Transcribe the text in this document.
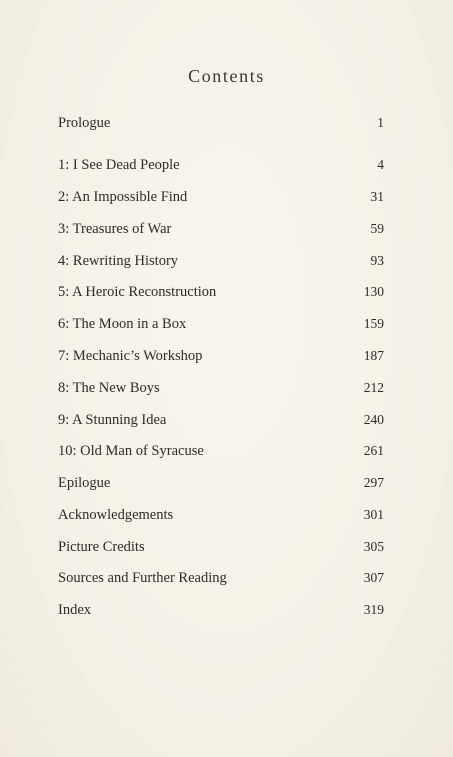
Contents
Prologue	1
1: I See Dead People	4
2: An Impossible Find	31
3: Treasures of War	59
4: Rewriting History	93
5: A Heroic Reconstruction	130
6: The Moon in a Box	159
7: Mechanic’s Workshop	187
8: The New Boys	212
9: A Stunning Idea	240
10: Old Man of Syracuse	261
Epilogue	297
Acknowledgements	301
Picture Credits	305
Sources and Further Reading	307
Index	319
